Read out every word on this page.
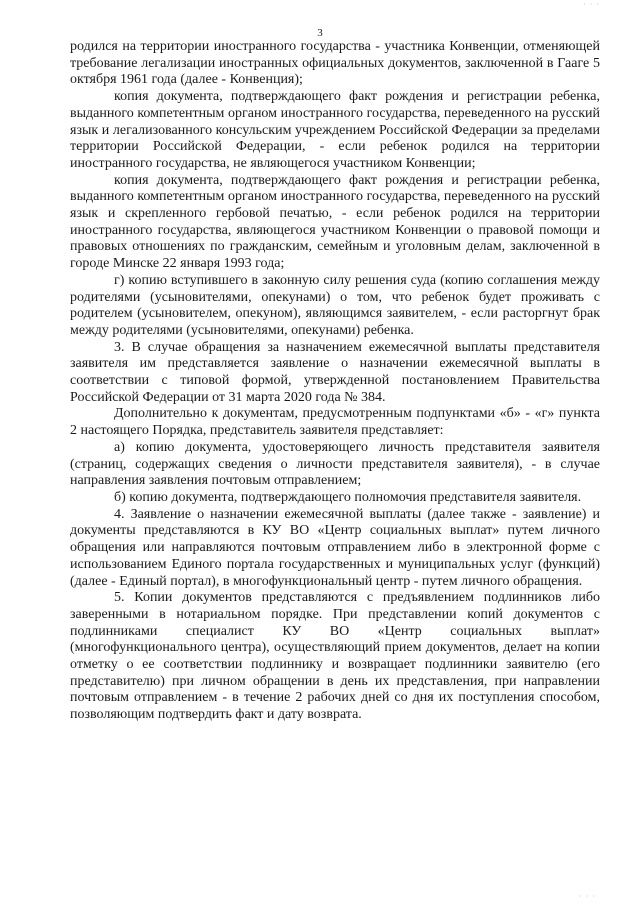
· · ·
3

родился на территории иностранного государства - участника Конвенции, отменяющей требование легализации иностранных официальных документов, заключенной в Гааге 5 октября 1961 года (далее - Конвенция);

копия документа, подтверждающего факт рождения и регистрации ребенка, выданного компетентным органом иностранного государства, переведенного на русский язык и легализованного консульским учреждением Российской Федерации за пределами территории Российской Федерации, - если ребенок родился на территории иностранного государства, не являющегося участником Конвенции;

копия документа, подтверждающего факт рождения и регистрации ребенка, выданного компетентным органом иностранного государства, переведенного на русский язык и скрепленного гербовой печатью, - если ребенок родился на территории иностранного государства, являющегося участником Конвенции о правовой помощи и правовых отношениях по гражданским, семейным и уголовным делам, заключенной в городе Минске 22 января 1993 года;

г) копию вступившего в законную силу решения суда (копию соглашения между родителями (усыновителями, опекунами) о том, что ребенок будет проживать с родителем (усыновителем, опекуном), являющимся заявителем, - если расторгнут брак между родителями (усыновителями, опекунами) ребенка.

3. В случае обращения за назначением ежемесячной выплаты представителя заявителя им представляется заявление о назначении ежемесячной выплаты в соответствии с типовой формой, утвержденной постановлением Правительства Российской Федерации от 31 марта 2020 года № 384.

Дополнительно к документам, предусмотренным подпунктами «б» - «г» пункта 2 настоящего Порядка, представитель заявителя представляет:

а) копию документа, удостоверяющего личность представителя заявителя (страниц, содержащих сведения о личности представителя заявителя), - в случае направления заявления почтовым отправлением;

б) копию документа, подтверждающего полномочия представителя заявителя.

4. Заявление о назначении ежемесячной выплаты (далее также - заявление) и документы представляются в КУ ВО «Центр социальных выплат» путем личного обращения или направляются почтовым отправлением либо в электронной форме с использованием Единого портала государственных и муниципальных услуг (функций) (далее - Единый портал), в многофункциональный центр - путем личного обращения.

5. Копии документов представляются с предъявлением подлинников либо заверенными в нотариальном порядке. При представлении копий документов с подлинниками специалист КУ ВО «Центр социальных выплат» (многофункционального центра), осуществляющий прием документов, делает на копии отметку о ее соответствии подлиннику и возвращает подлинники заявителю (его представителю) при личном обращении в день их представления, при направлении почтовым отправлением - в течение 2 рабочих дней со дня их поступления способом, позволяющим подтвердить факт и дату возврата.

· · ·
